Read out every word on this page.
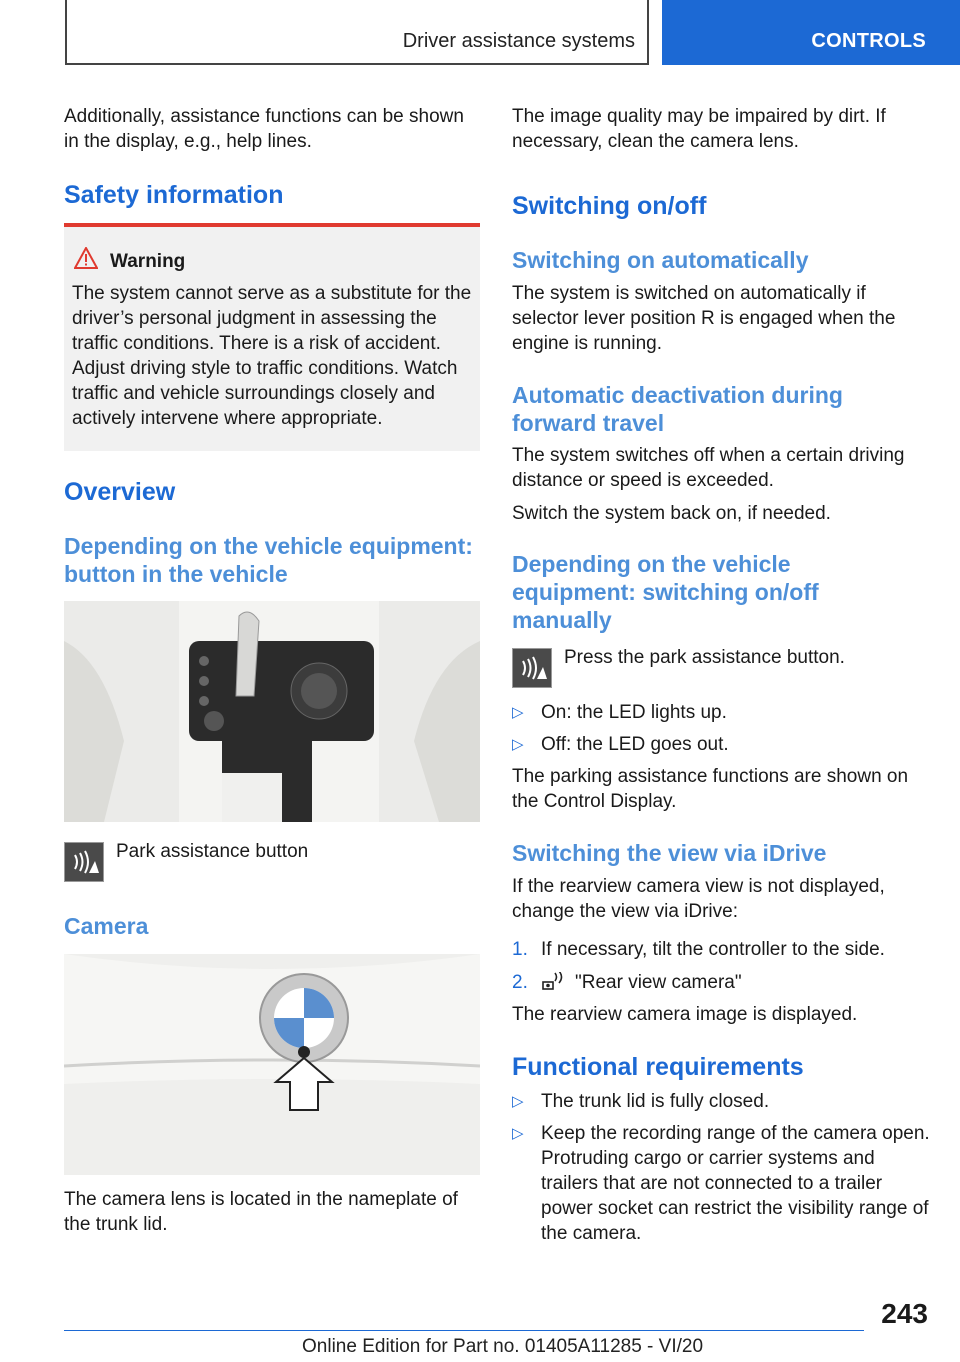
Driver assistance systems	CONTROLS

Additionally, assistance functions can be shown in the display, e.g., help lines.

Safety information
Warning

The system cannot serve as a substitute for the driver’s personal judgment in assessing the traffic conditions. There is a risk of accident. Adjust driving style to traffic conditions. Watch traffic and vehicle surroundings closely and actively intervene where appropriate.

Overview
Depending on the vehicle equipment: button in the vehicle
Park assistance button
Camera

The camera lens is located in the nameplate of the trunk lid.

The image quality may be impaired by dirt. If necessary, clean the camera lens.

Switching on/off
Switching on automatically

The system is switched on automatically if selector lever position R is engaged when the engine is running.

Automatic deactivation during forward travel

The system switches off when a certain driving distance or speed is exceeded.

Switch the system back on, if needed.

Depending on the vehicle equipment: switching on/off manually
Press the park assistance button.
▷ On: the LED lights up.
▷ Off: the LED goes out.

The parking assistance functions are shown on the Control Display.

Switching the view via iDrive

If the rearview camera view is not displayed, change the view via iDrive:

1. If necessary, tilt the controller to the side.
2. "Rear view camera"

The rearview camera image is displayed.

Functional requirements
▷ The trunk lid is fully closed.
▷ Keep the recording range of the camera open. Protruding cargo or carrier systems and trailers that are not connected to a trailer power socket can restrict the visibility range of the camera.
243
Online Edition for Part no. 01405A11285 - VI/20
